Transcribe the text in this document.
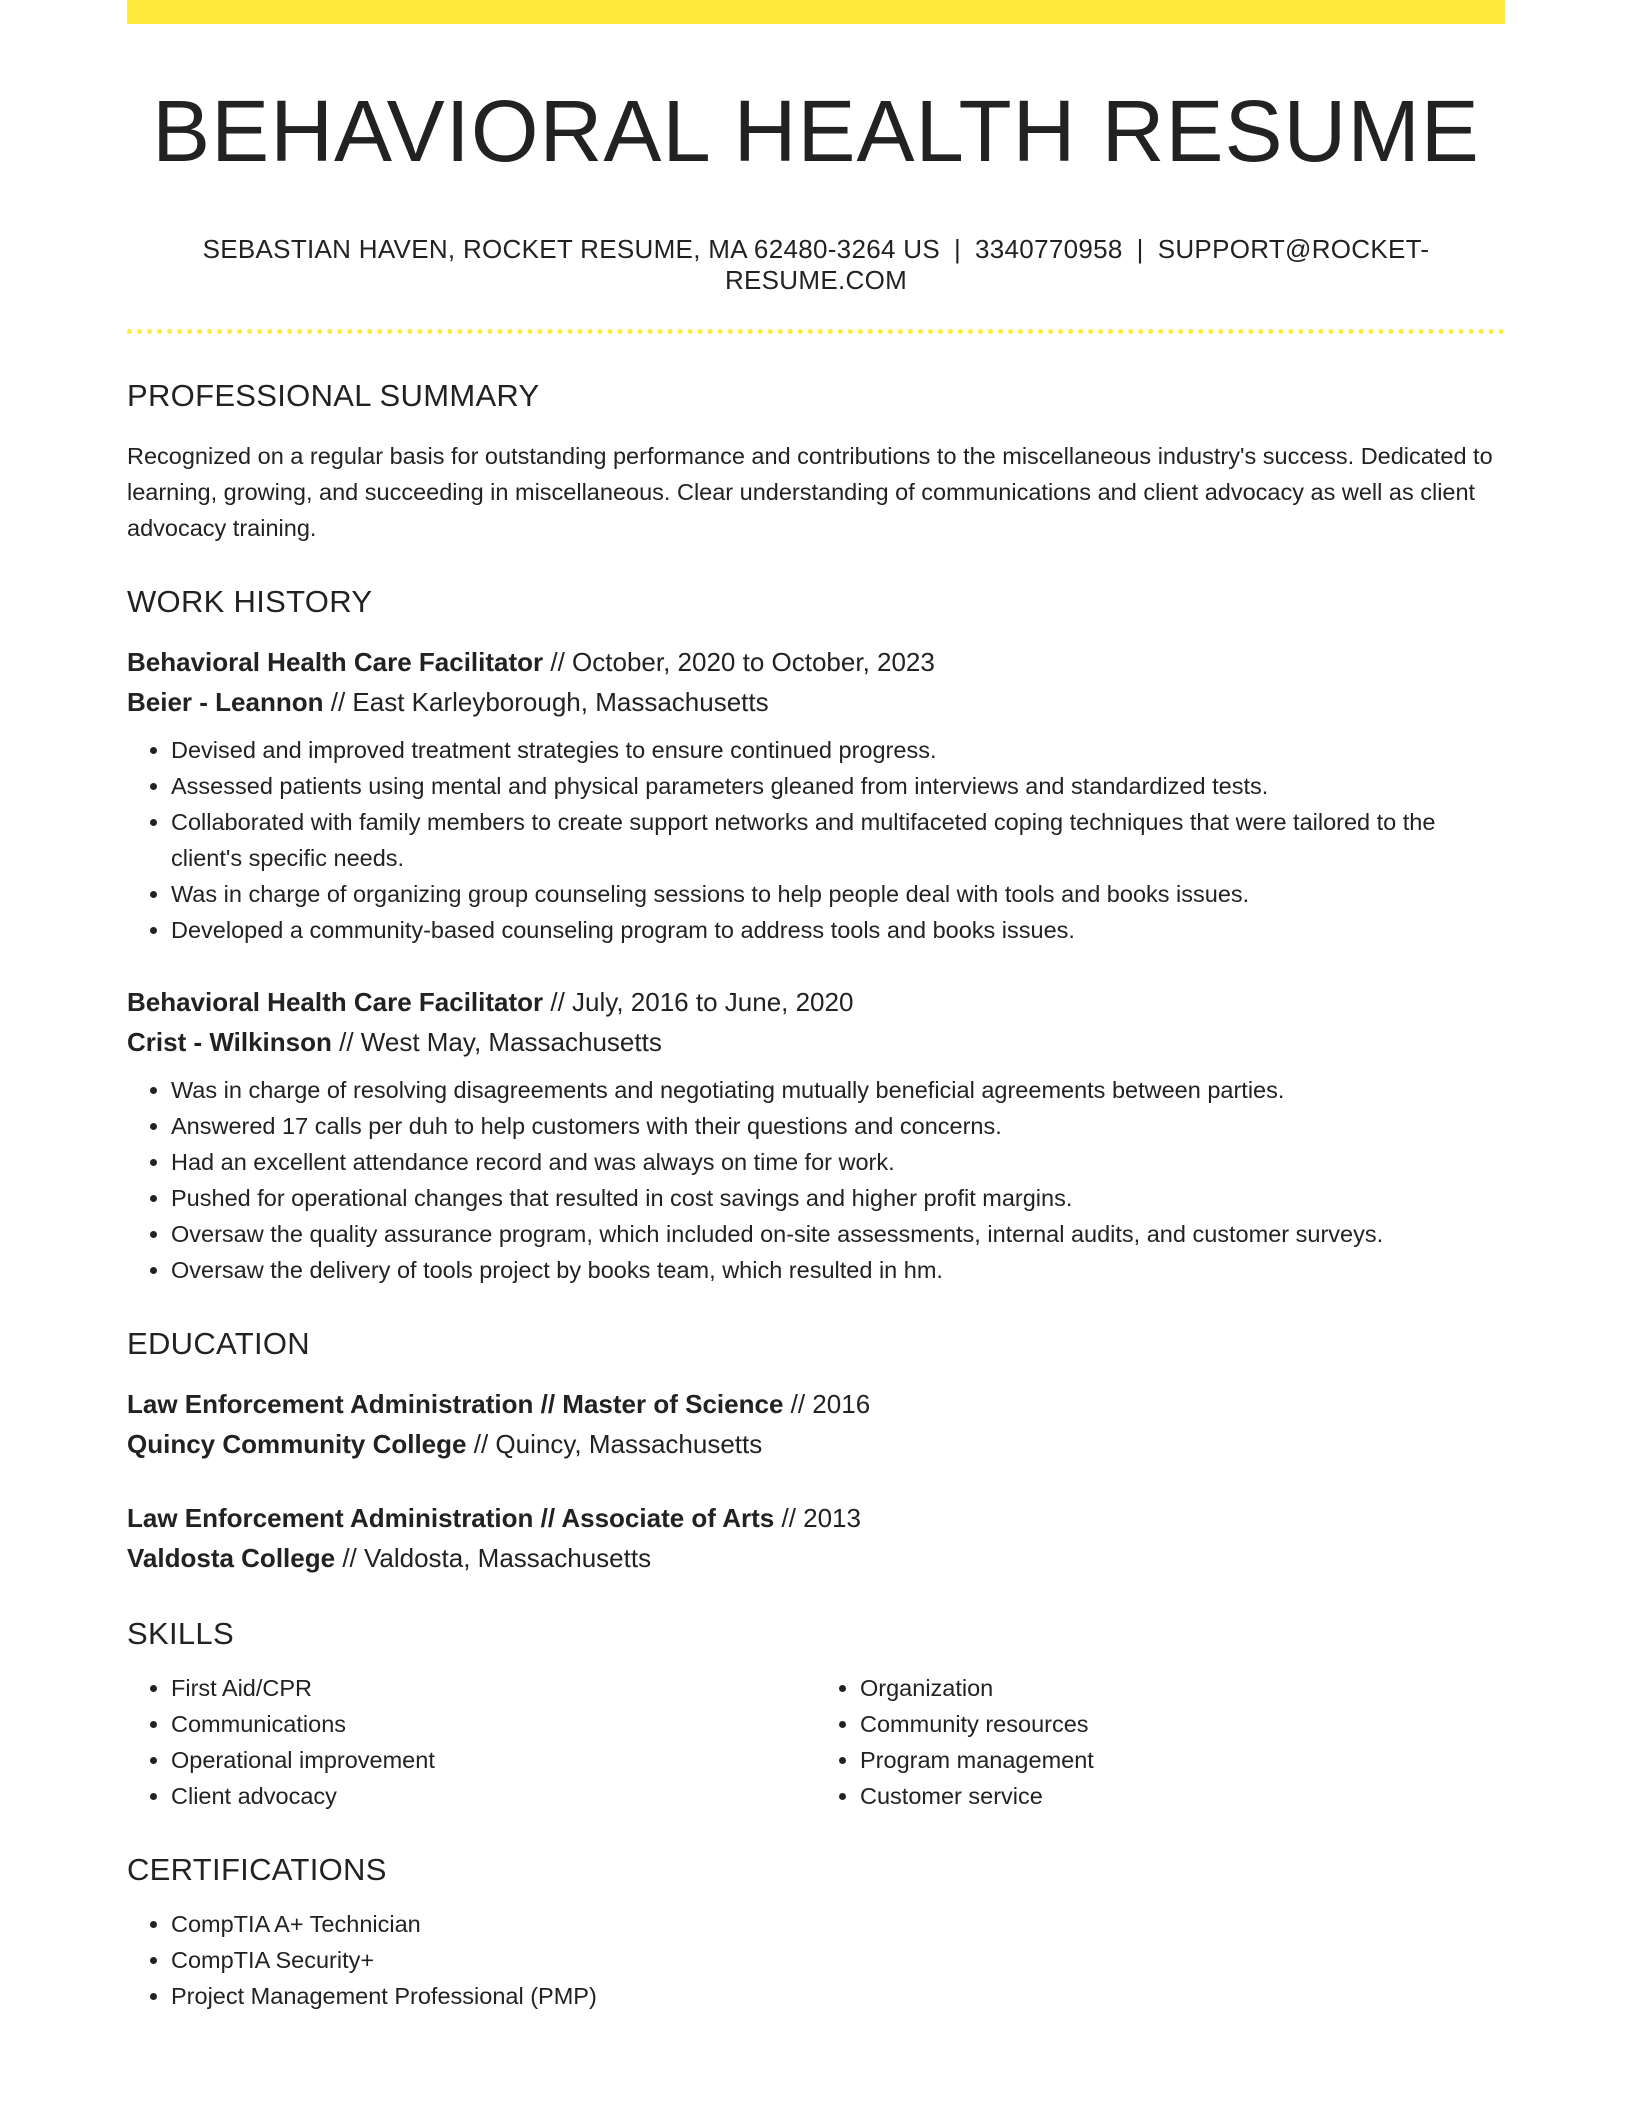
BEHAVIORAL HEALTH RESUME
SEBASTIAN HAVEN, ROCKET RESUME, MA 62480-3264 US | 3340770958 | SUPPORT@ROCKET-RESUME.COM
PROFESSIONAL SUMMARY
Recognized on a regular basis for outstanding performance and contributions to the miscellaneous industry's success. Dedicated to learning, growing, and succeeding in miscellaneous. Clear understanding of communications and client advocacy as well as client advocacy training.
WORK HISTORY
Behavioral Health Care Facilitator // October, 2020 to October, 2023
Beier - Leannon // East Karleyborough, Massachusetts
• Devised and improved treatment strategies to ensure continued progress.
• Assessed patients using mental and physical parameters gleaned from interviews and standardized tests.
• Collaborated with family members to create support networks and multifaceted coping techniques that were tailored to the client's specific needs.
• Was in charge of organizing group counseling sessions to help people deal with tools and books issues.
• Developed a community-based counseling program to address tools and books issues.
Behavioral Health Care Facilitator // July, 2016 to June, 2020
Crist - Wilkinson // West May, Massachusetts
• Was in charge of resolving disagreements and negotiating mutually beneficial agreements between parties.
• Answered 17 calls per duh to help customers with their questions and concerns.
• Had an excellent attendance record and was always on time for work.
• Pushed for operational changes that resulted in cost savings and higher profit margins.
• Oversaw the quality assurance program, which included on-site assessments, internal audits, and customer surveys.
• Oversaw the delivery of tools project by books team, which resulted in hm.
EDUCATION
Law Enforcement Administration // Master of Science // 2016
Quincy Community College // Quincy, Massachusetts
Law Enforcement Administration // Associate of Arts // 2013
Valdosta College // Valdosta, Massachusetts
SKILLS
• First Aid/CPR
• Communications
• Operational improvement
• Client advocacy
• Organization
• Community resources
• Program management
• Customer service
CERTIFICATIONS
• CompTIA A+ Technician
• CompTIA Security+
• Project Management Professional (PMP)
